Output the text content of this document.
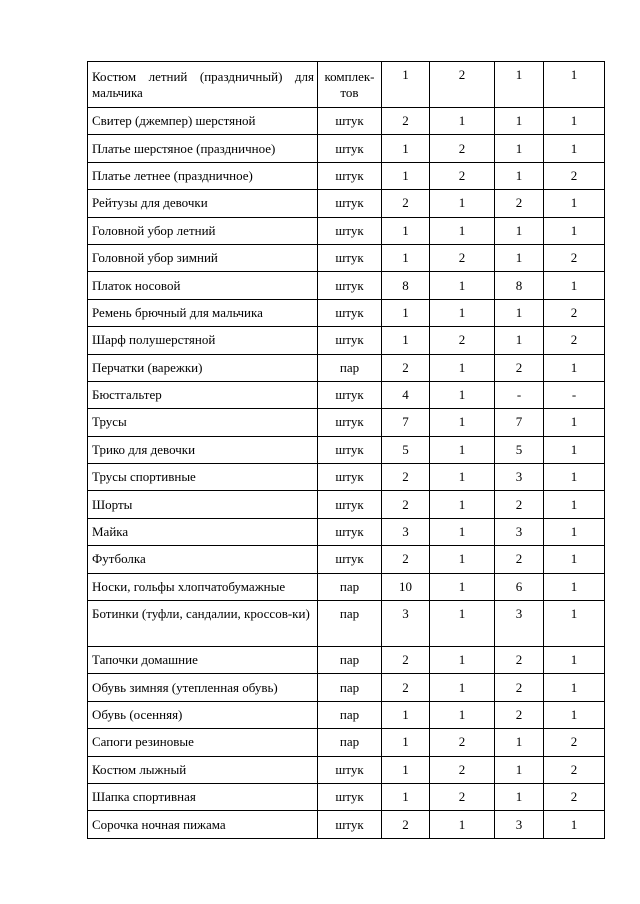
Костюм летний (праздничный) для мальчика	комплек-тов	1	2	1	1
Свитер (джемпер) шерстяной	штук	2	1	1	1
Платье шерстяное (праздничное)	штук	1	2	1	1
Платье летнее (праздничное)	штук	1	2	1	2
Рейтузы для девочки	штук	2	1	2	1
Головной убор летний	штук	1	1	1	1
Головной убор зимний	штук	1	2	1	2
Платок носовой	штук	8	1	8	1
Ремень брючный для мальчика	штук	1	1	1	2
Шарф полушерстяной	штук	1	2	1	2
Перчатки (варежки)	пар	2	1	2	1
Бюстгальтер	штук	4	1	-	-
Трусы	штук	7	1	7	1
Трико для девочки	штук	5	1	5	1
Трусы спортивные	штук	2	1	3	1
Шорты	штук	2	1	2	1
Майка	штук	3	1	3	1
Футболка	штук	2	1	2	1
Носки, гольфы хлопчатобумажные	пар	10	1	6	1
Ботинки (туфли, сандалии, кроссов-ки)	пар	3	1	3	1
Тапочки домашние	пар	2	1	2	1
Обувь зимняя (утепленная обувь)	пар	2	1	2	1
Обувь (осенняя)	пар	1	1	2	1
Сапоги резиновые	пар	1	2	1	2
Костюм лыжный	штук	1	2	1	2
Шапка спортивная	штук	1	2	1	2
Сорочка ночная пижама	штук	2	1	3	1
